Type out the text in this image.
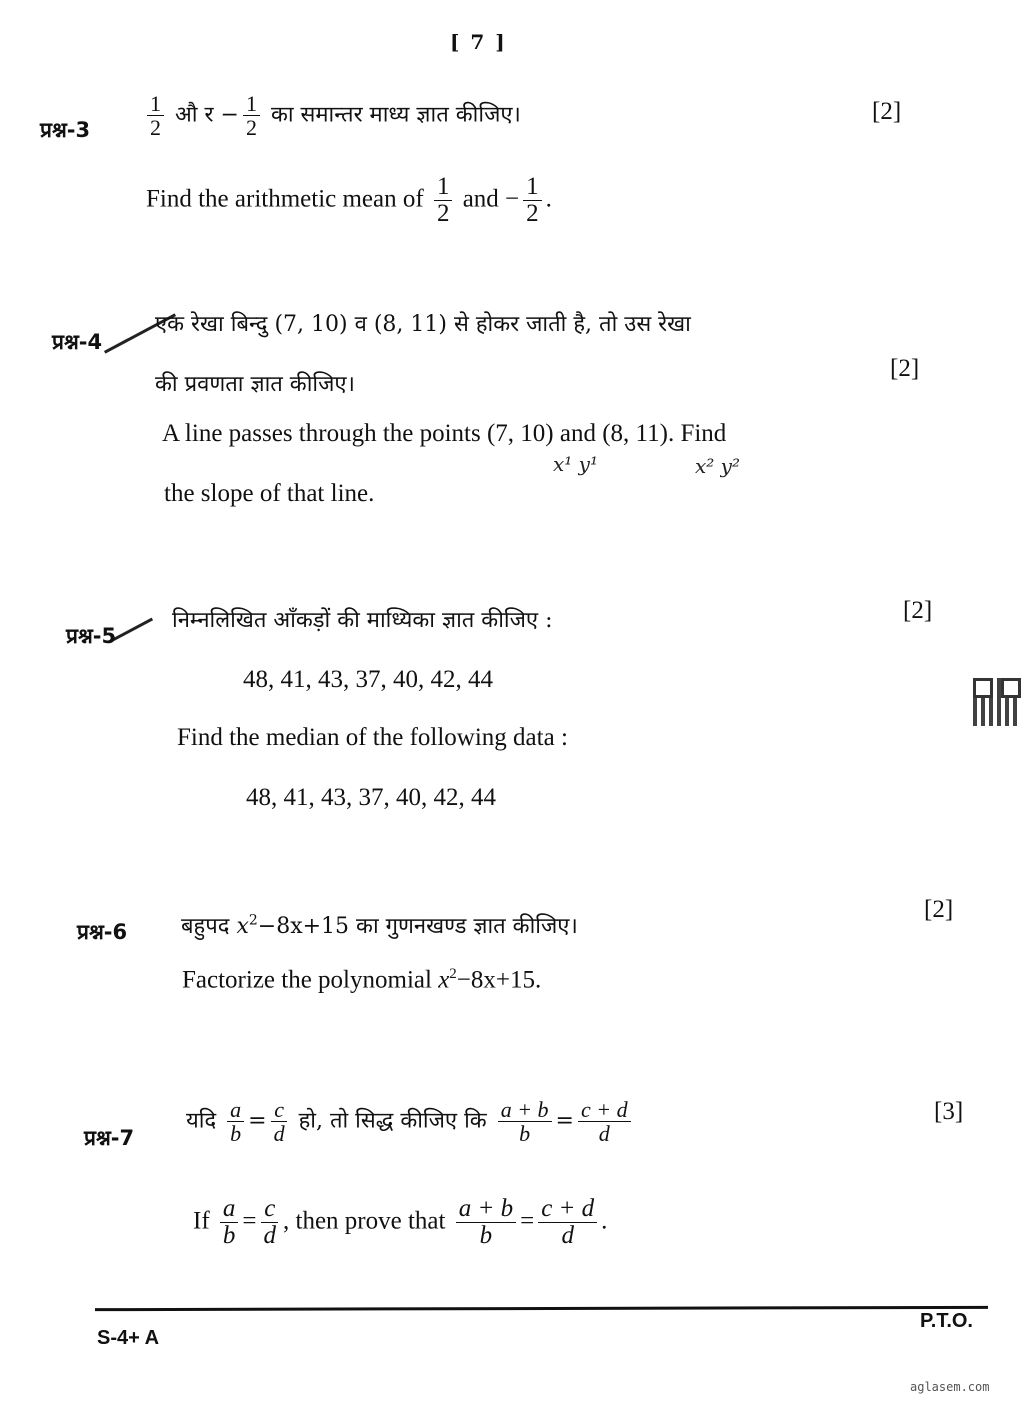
[ 7 ]
प्रश्न-3	$\frac{1}{2}$ औ र − $\frac{1}{2}$ का समान्तर माध्य ज्ञात कीजिए।	[2]
Find the arithmetic mean of $\frac{1}{2}$ and − $\frac{1}{2}$ .
प्रश्न-4
एक रेखा बिन्दु (7, 10) व (8, 11) से होकर जाती है, तो उस रेखा
की प्रवणता ज्ञात कीजिए।
[2]
A line passes through the points (7, 10) and (8, 11). Find
x¹ y¹	x² y²
the slope of that line.
प्रश्न-5
निम्नलिखित आँकड़ों की माध्यिका ज्ञात कीजिए :	[2]
48, 41, 43, 37, 40, 42, 44
Find the median of the following data :
48, 41, 43, 37, 40, 42, 44
प्रश्न-6 बहुपद $x^2-8x+15$ का गुणनखण्ड ज्ञात कीजिए।
[2]
Factorize the polynomial $x^2-8x+15$.
प्रश्न-7
यदि $\frac{a}{b} = \frac{c}{d}$ हो, तो सिद्ध कीजिए कि $\frac{a + b}{b} = \frac{c + d}{d}$	[3]
If $\frac{a}{b} = \frac{c}{d}$ , then prove that $\frac{a + b}{b} = \frac{c + d}{d}$ .
S-4+ A
P.T.O.
aglasem.com
